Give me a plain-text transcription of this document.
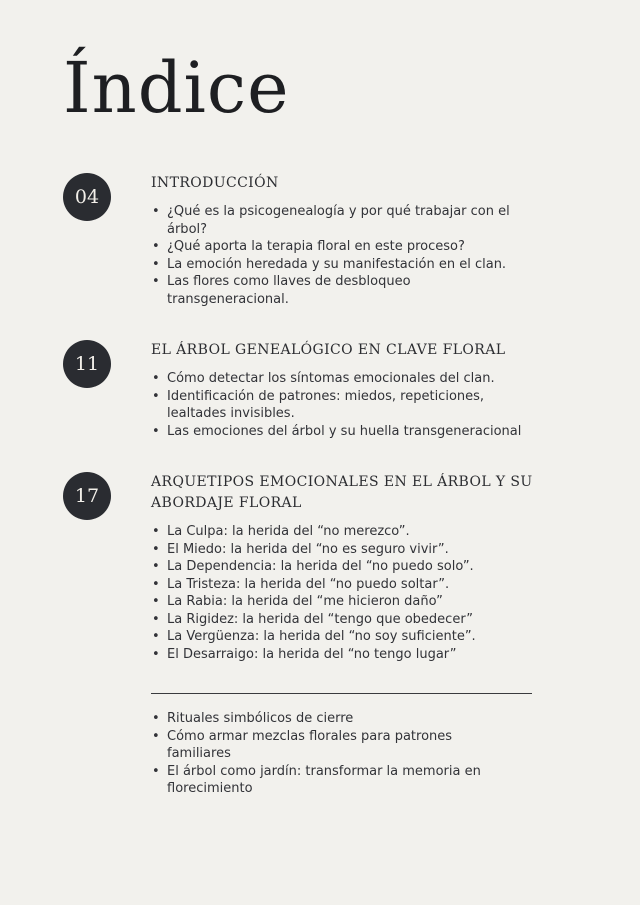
Índice
04
INTRODUCCIÓN
• ¿Qué es la psicogenealogía y por qué trabajar con el árbol?
• ¿Qué aporta la terapia floral en este proceso?
• La emoción heredada y su manifestación en el clan.
• Las flores como llaves de desbloqueo transgeneracional.
11
EL ÁRBOL GENEALÓGICO EN CLAVE FLORAL
• Cómo detectar los síntomas emocionales del clan.
• Identificación de patrones: miedos, repeticiones, lealtades invisibles.
• Las emociones del árbol y su huella transgeneracional
17
ARQUETIPOS EMOCIONALES EN EL ÁRBOL Y SU ABORDAJE FLORAL
• La Culpa: la herida del “no merezco”.
• El Miedo: la herida del “no es seguro vivir”.
• La Dependencia: la herida del “no puedo solo”.
• La Tristeza: la herida del “no puedo soltar”.
• La Rabia: la herida del “me hicieron daño”
• La Rigidez: la herida del “tengo que obedecer”
• La Vergüenza: la herida del “no soy suficiente”.
• El Desarraigo: la herida del “no tengo lugar”
• Rituales simbólicos de cierre
• Cómo armar mezclas florales para patrones familiares
• El árbol como jardín: transformar la memoria en florecimiento
